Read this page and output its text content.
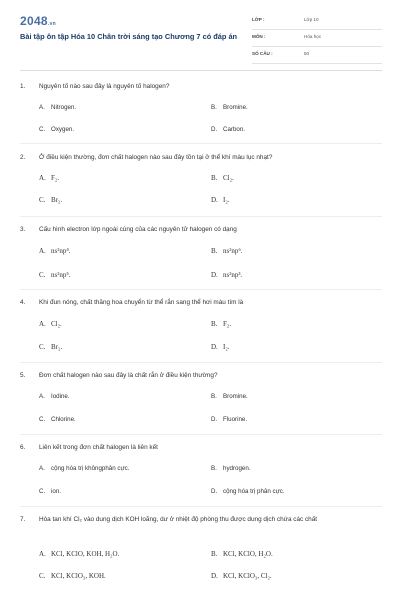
2048.vn
Bài tập ôn tập Hóa 10 Chân trời sáng tạo Chương 7 có đáp án
LỚP :	Lớp 10
MÔN :	Hóa học
SỐ CÂU :	50
1. Nguyên tố nào sau đây là nguyên tố halogen?
A. Nitrogen.	B. Bromine.
C. Oxygen.	D. Carbon.
2. Ở điều kiện thường, đơn chất halogen nào sau đây tồn tại ở thể khí màu lục nhạt?
A. F₂.	B. Cl₂.
C. Br₂.	D. I₂.
3. Cấu hình electron lớp ngoài cùng của các nguyên tử halogen có dạng
A. ns²np⁴.	B. ns²np⁶.
C. ns²np⁵.	D. ns²np³.
4. Khi đun nóng, chất thăng hoa chuyển từ thể rắn sang thể hơi màu tím là
A. Cl₂.	B. F₂.
C. Br₂.	D. I₂.
5. Đơn chất halogen nào sau đây là chất rắn ở điều kiện thường?
A. Iodine.	B. Bromine.
C. Chlorine.	D. Fluorine.
6. Liên kết trong đơn chất halogen là liên kết
A. cộng hóa trị khôngphân cực.	B. hydrogen.
C. ion.	D. cộng hóa trị phân cực.
7. Hòa tan khí Cl₂ vào dung dịch KOH loãng, dư ở nhiệt độ phòng thu được dung dịch chứa các chất
A. KCl, KClO, KOH, H₂O.	B. KCl, KClO, H₂O.
C. KCl, KClO₃, KOH.	D. KCl, KClO₃, Cl₂.
